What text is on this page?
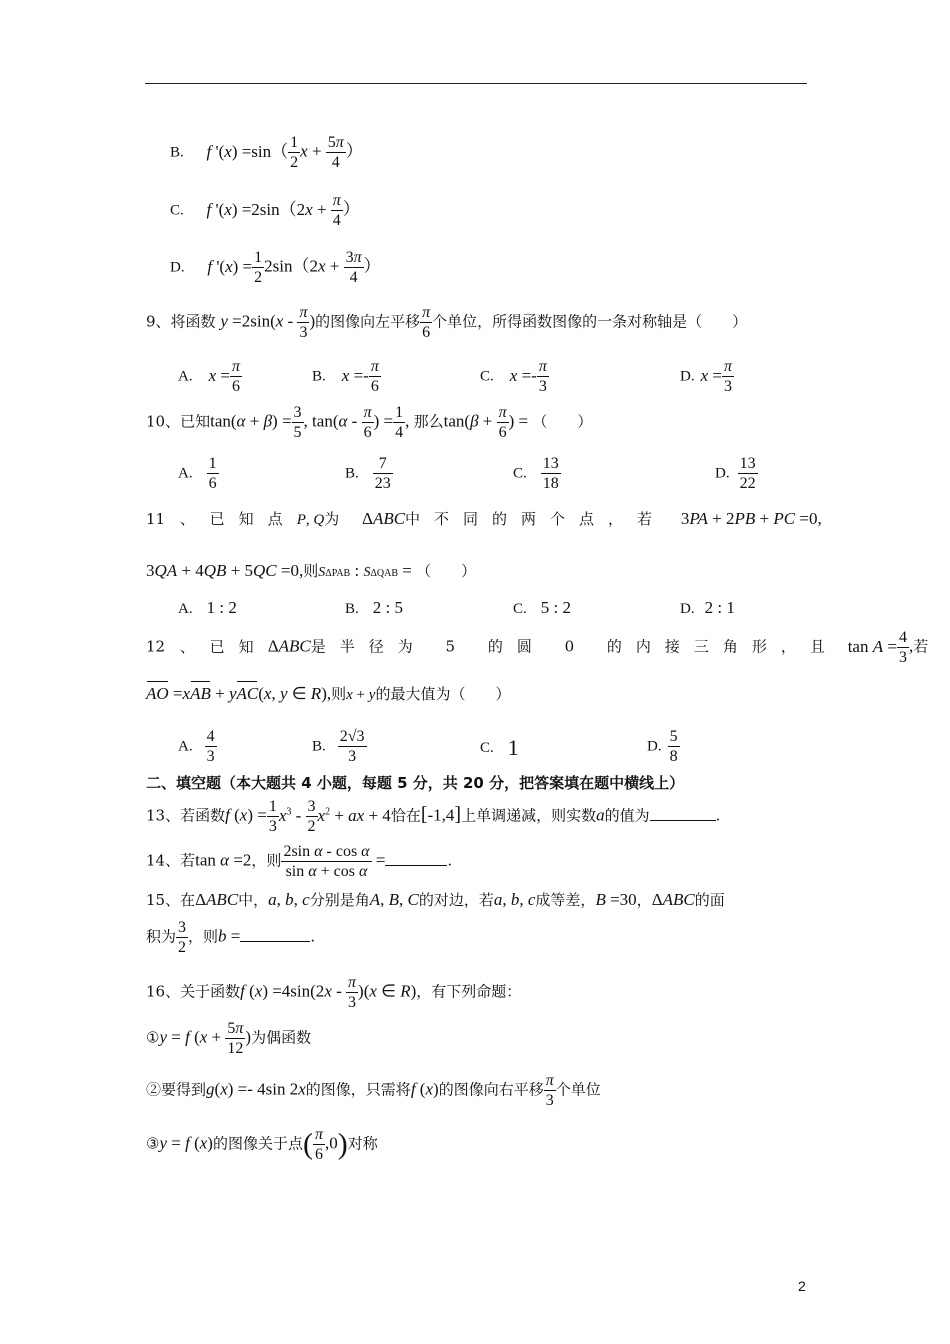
B. f '$(x) =\sin( \frac{1}{2}$ $x + \frac{5\pi}{4}$ ）
C. f '$(x) =2\sin(2x + \frac{\pi}{4}$ ）
D. f '$(x) = \frac{1}{2} 2\sin(2x + \frac{3\pi}{4}$ ）
9、将函数 $y =2\sin(x - \frac{\pi}{3}$ )的图像向左平移 $\frac{\pi}{6}$ 个单位，所得函数图像的一条对称轴是（　　）
A. $x = \frac{\pi}{6}$	B. $x =- \frac{\pi}{6}$	C. $x =- \frac{\pi}{3}$	D. $x = \frac{\pi}{3}$
10、已知$\tan(\alpha + \beta) = \frac{3}{5}$ , $\tan(\alpha - \frac{\pi}{6}$ ) = $\frac{1}{4}$ , 那么$\tan(\beta + \frac{\pi}{6}$ ) = （　　）
A. $\frac{1}{6}$	B. $\frac{7}{23}$	C. $\frac{13}{18}$	D. $\frac{13}{22}$
11 、 已知点P, Q为 ΔABC中不同的两个点，若 3PA + 2PB + PC =0,
3QA + 4QB + 5QC =0,则SΔPAB : SΔQAB = （　　）
A. 1 : 2	B. 2 : 5	C. 5 : 2	D. 2 : 1
12 、 已知ΔABC是半径为 5 的圆 0 的内接三角形，且 $\tan A = \frac{4}{3}$ ,若
AO =xAB + yAC(x, y ∈ R),则x + y的最大值为（　　）
A. $\frac{4}{3}$	B. $\frac{2√3}{3}$	C. 1	D. $\frac{5}{8}$
二、填空题（本大题共 4 小题，每题 5 分，共 20 分，把答案填在题中横线上）
13、若函数f $(x) = \frac{1}{3} x^3 - \frac{3}{2} x^2$ + ax + 4恰在[-1,4]上单调递减，则实数a的值为	.
14、若tan α =2，则 $\frac{\text{2sin α - cos α}}{\text{sin α + cos α}}$ =	.
15、在ΔABC中，a, b, c分别是角A, B, C的对边，若a, b, c成等差，B =30，ΔABC的面
积为 $\frac{3}{2}$ ，则b =	.
16、关于函数f $(x) =4\sin(2x - \frac{\pi}{3} )(x$ ∈ R)，有下列命题：
①y = f ($x + \frac{5\pi}{12}$ )为偶函数
②要得到g(x) =- 4sin 2x的图像，只需将f (x)的图像向右平移 $\frac{\pi}{3}$ 个单位
③y = f (x)的图像关于点( $\frac{\pi}{6} ,0$)对称
2
